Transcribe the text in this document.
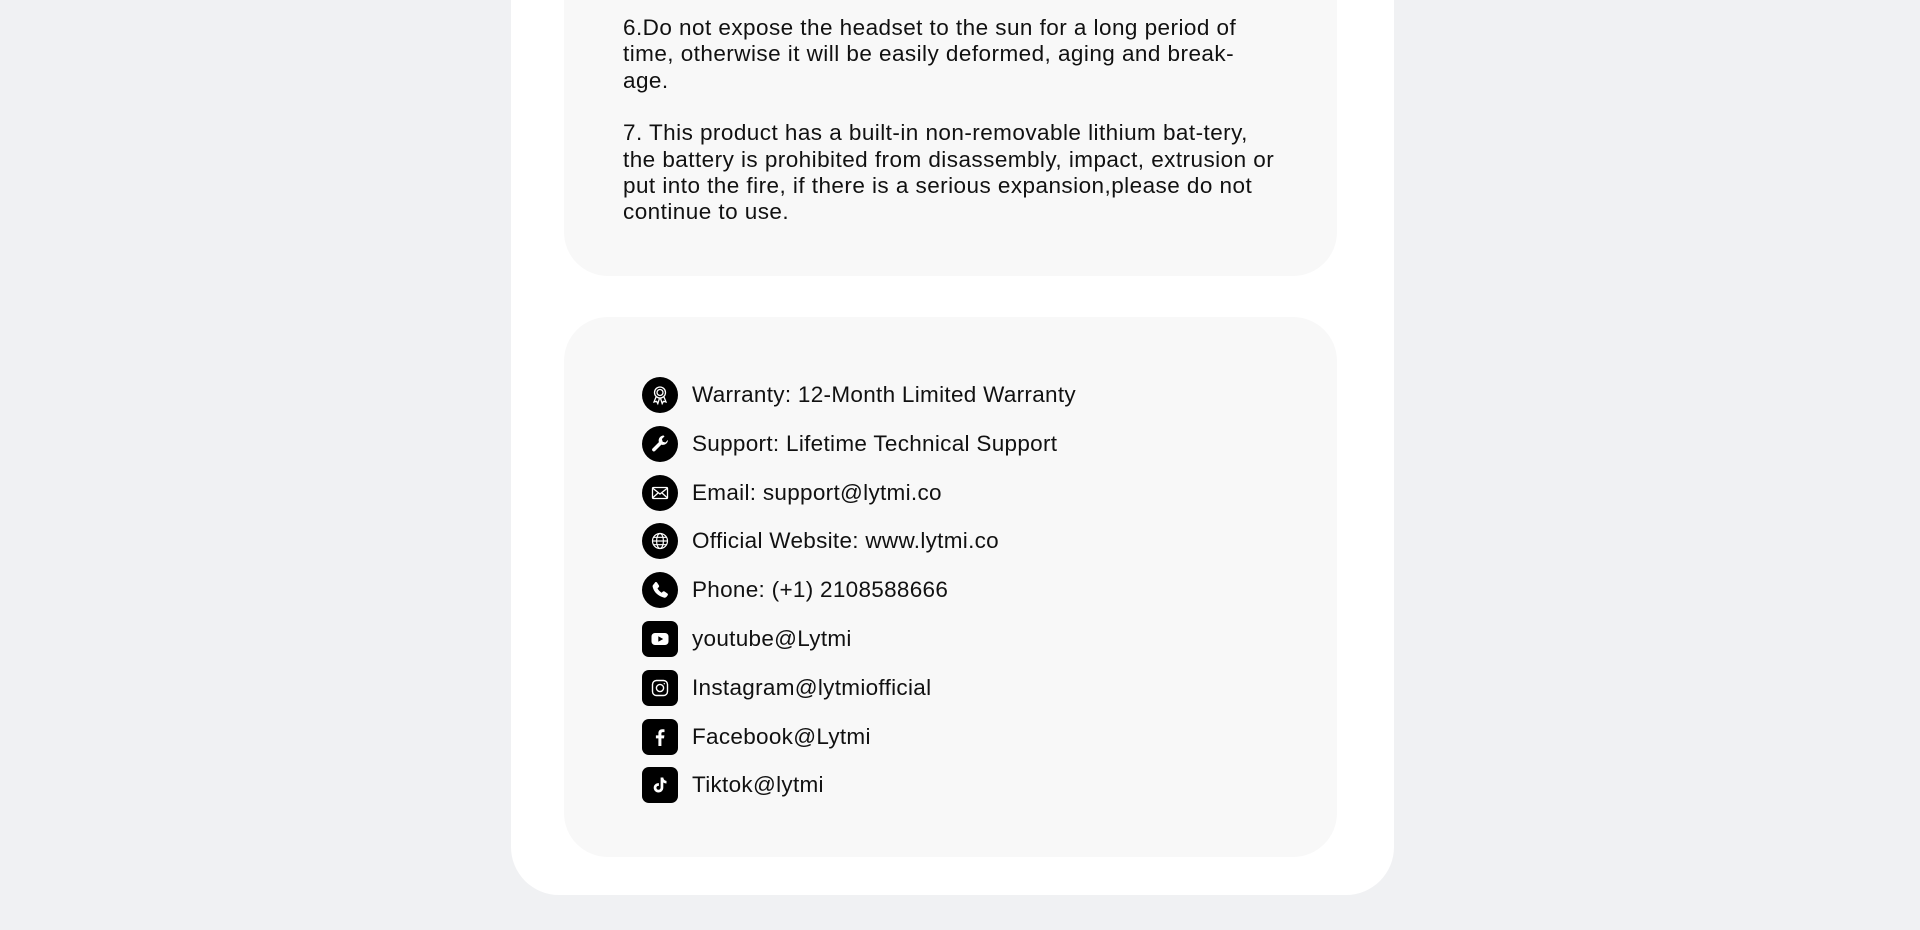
6.Do not expose the headset to the sun for a long period of time, otherwise it will be easily deformed, aging and break-age.

7. This product has a built-in non-removable lithium bat-tery, the battery is prohibited from disassembly, impact, extrusion or put into the fire, if there is a serious expansion,please do not continue to use.

Warranty: 12-Month Limited Warranty
Support: Lifetime Technical Support
Email: support@lytmi.co
Official Website: www.lytmi.co
Phone: (+1) 2108588666
youtube@Lytmi
Instagram@lytmiofficial
Facebook@Lytmi
Tiktok@lytmi
